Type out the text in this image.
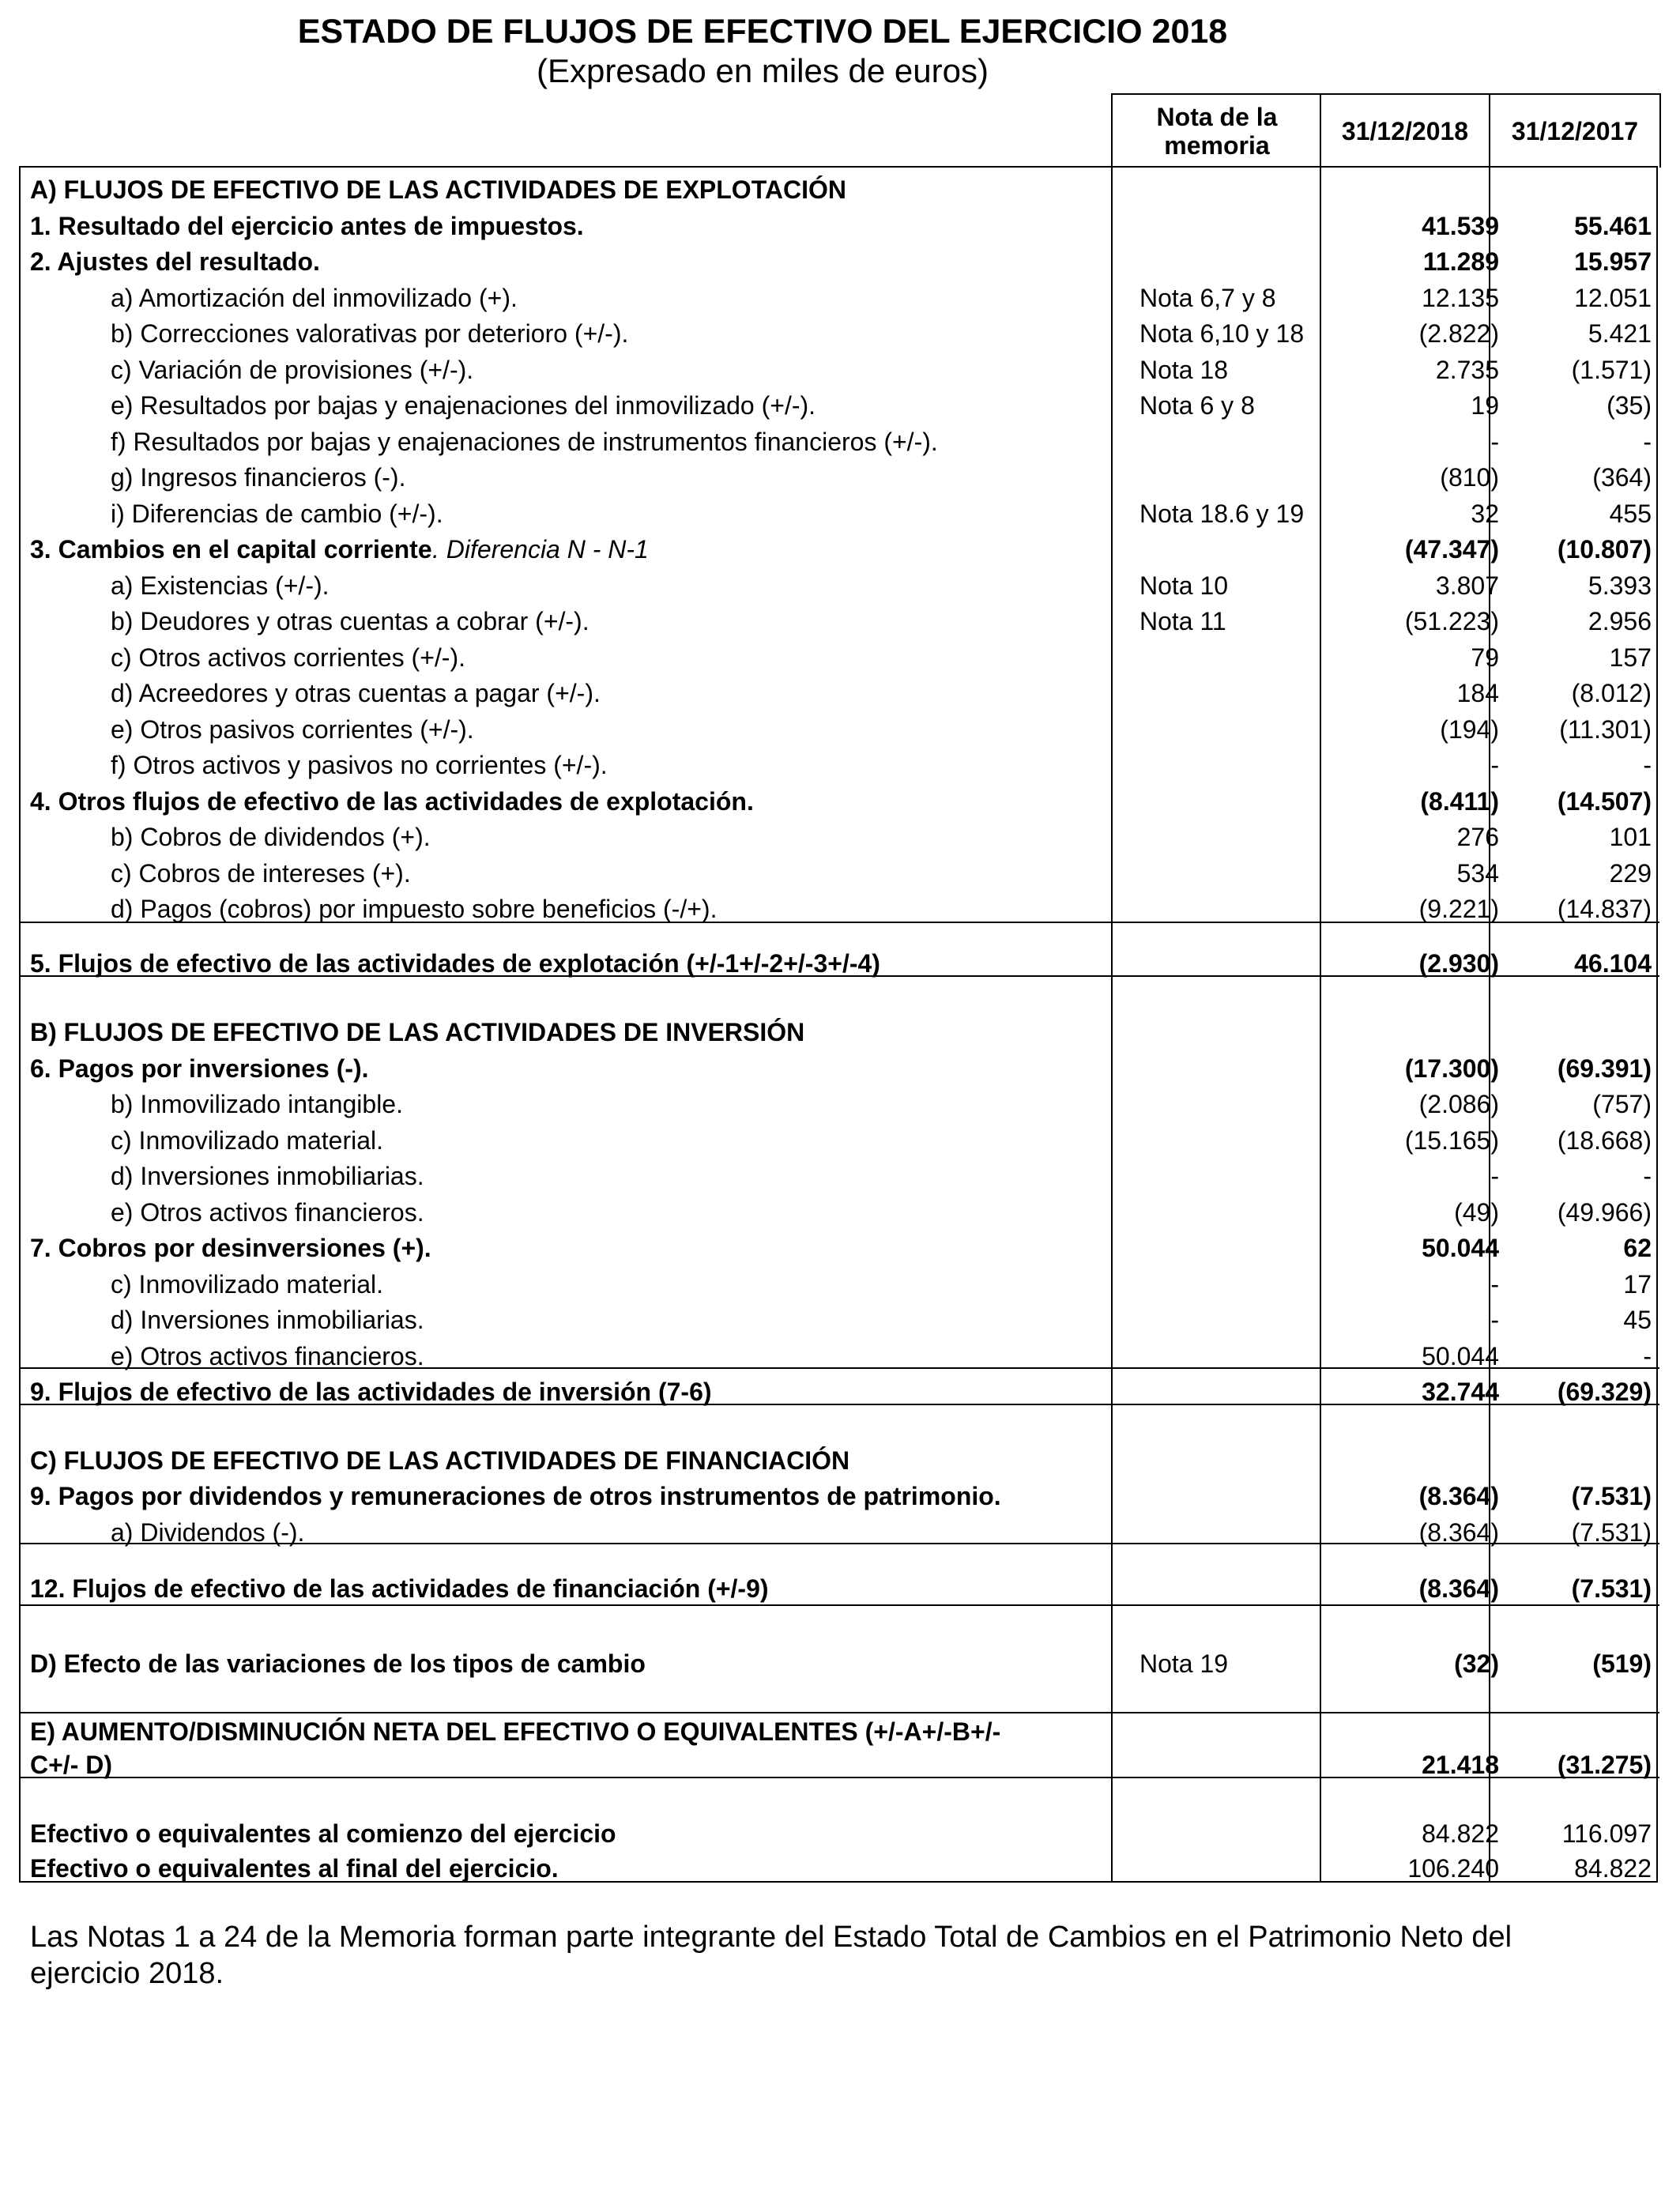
ESTADO DE FLUJOS DE EFECTIVO DEL EJERCICIO 2018
(Expresado en miles de euros)
Nota de la memoria	31/12/2018 31/12/2017
A) FLUJOS DE EFECTIVO DE LAS ACTIVIDADES DE EXPLOTACIÓN
1. Resultado del ejercicio antes de impuestos.	41.539	55.461
2. Ajustes del resultado.	11.289	15.957
a) Amortización del inmovilizado (+).	Nota 6,7 y 8	12.135	12.051
b) Correcciones valorativas por deterioro (+/-).	Nota 6,10 y 18	(2.822)	5.421
c) Variación de provisiones (+/-).	Nota 18	2.735	(1.571)
e) Resultados por bajas y enajenaciones del inmovilizado (+/-).	Nota 6 y 8	19	(35)
f) Resultados por bajas y enajenaciones de instrumentos financieros (+/-).	-	-
g) Ingresos financieros (-).	(810)	(364)
i) Diferencias de cambio (+/-).	Nota 18.6 y 19	32	455
3. Cambios en el capital corriente . Diferencia N - N-1	(47.347)	(10.807)
a) Existencias (+/-).	Nota 10	3.807	5.393
b) Deudores y otras cuentas a cobrar (+/-).	Nota 11	(51.223)	2.956
c) Otros activos corrientes (+/-).	79	157
d) Acreedores y otras cuentas a pagar (+/-).	184	(8.012)
e) Otros pasivos corrientes (+/-).	(194)	(11.301)
f) Otros activos y pasivos no corrientes (+/-).	-	-
4. Otros flujos de efectivo de las actividades de explotación.	(8.411)	(14.507)
b) Cobros de dividendos (+).	276	101
c) Cobros de intereses (+).	534	229
d) Pagos (cobros) por impuesto sobre beneficios (-/+).	(9.221)	(14.837)
5. Flujos de efectivo de las actividades de explotación (+/-1+/-2+/-3+/-4)	(2.930)	46.104
B) FLUJOS DE EFECTIVO DE LAS ACTIVIDADES DE INVERSIÓN
6. Pagos por inversiones (-).	(17.300)	(69.391)
b) Inmovilizado intangible.	(2.086)	(757)
c) Inmovilizado material.	(15.165)	(18.668)
d) Inversiones inmobiliarias.	-	-
e) Otros activos financieros.	(49)	(49.966)
7. Cobros por desinversiones (+).	50.044	62
c) Inmovilizado material.	-	17
d) Inversiones inmobiliarias.	-	45
e) Otros activos financieros.	50.044	-
9. Flujos de efectivo de las actividades de inversión (7-6)	32.744	(69.329)
C) FLUJOS DE EFECTIVO DE LAS ACTIVIDADES DE FINANCIACIÓN
9. Pagos por dividendos y remuneraciones de otros instrumentos de patrimonio.	(8.364)	(7.531)
a) Dividendos (-).	(8.364)	(7.531)
12. Flujos de efectivo de las actividades de financiación (+/-9)	(8.364)	(7.531)
D) Efecto de las variaciones de los tipos de cambio	Nota 19	(32)	(519)
E) AUMENTO/DISMINUCIÓN NETA DEL EFECTIVO O EQUIVALENTES (+/-A+/-B+/-
C+/- D)	21.418	(31.275)
Efectivo o equivalentes al comienzo del ejercicio	84.822	116.097
Efectivo o equivalentes al final del ejercicio.	106.240	84.822
Las Notas 1 a 24 de la Memoria forman parte integrante del Estado Total de Cambios en el Patrimonio Neto del ejercicio 2018.
